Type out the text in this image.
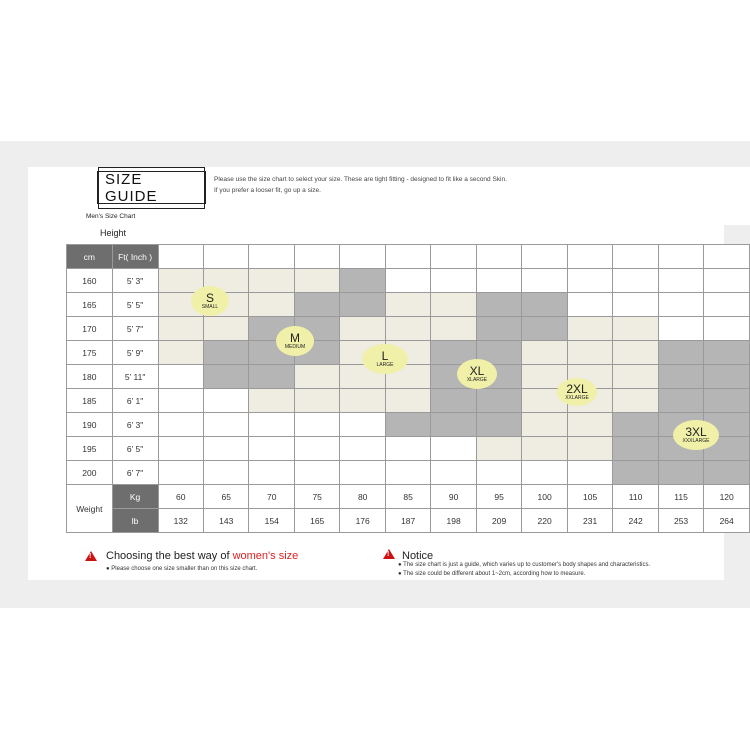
SIZE GUIDE
Please use the size chart to select your size. These are tight fitting - designed to fit like a second Skin.
If you prefer a looser fit, go up a size.
Men's Size Chart
Height
cm	Ft( Inch )													
160	5’ 3"													
165	5’ 5"													
170	5’ 7"													
175	5’ 9"													
180	5’ 11"													
185	6’ 1"													
190	6’ 3"													
195	6’ 5"													
200	6’ 7"													
Weight	Kg	60	65	70	75	80	85	90	95	100	105	110	115	120
	lb	132	143	154	165	176	187	198	209	220	231	242	253	264
S
SMALL
M
MEDIUM
L
LARGE	XL
XLARGE
2XL
XXLARGE
3XL
XXXLARGE
!
Choosing the best way of women's size
● Please choose one size smaller than on this size chart.
!
Notice
● The size chart is just a guide, which varies up to customer's body shapes and characteristics.
● The size could be different about 1~2cm, according how to measure.
